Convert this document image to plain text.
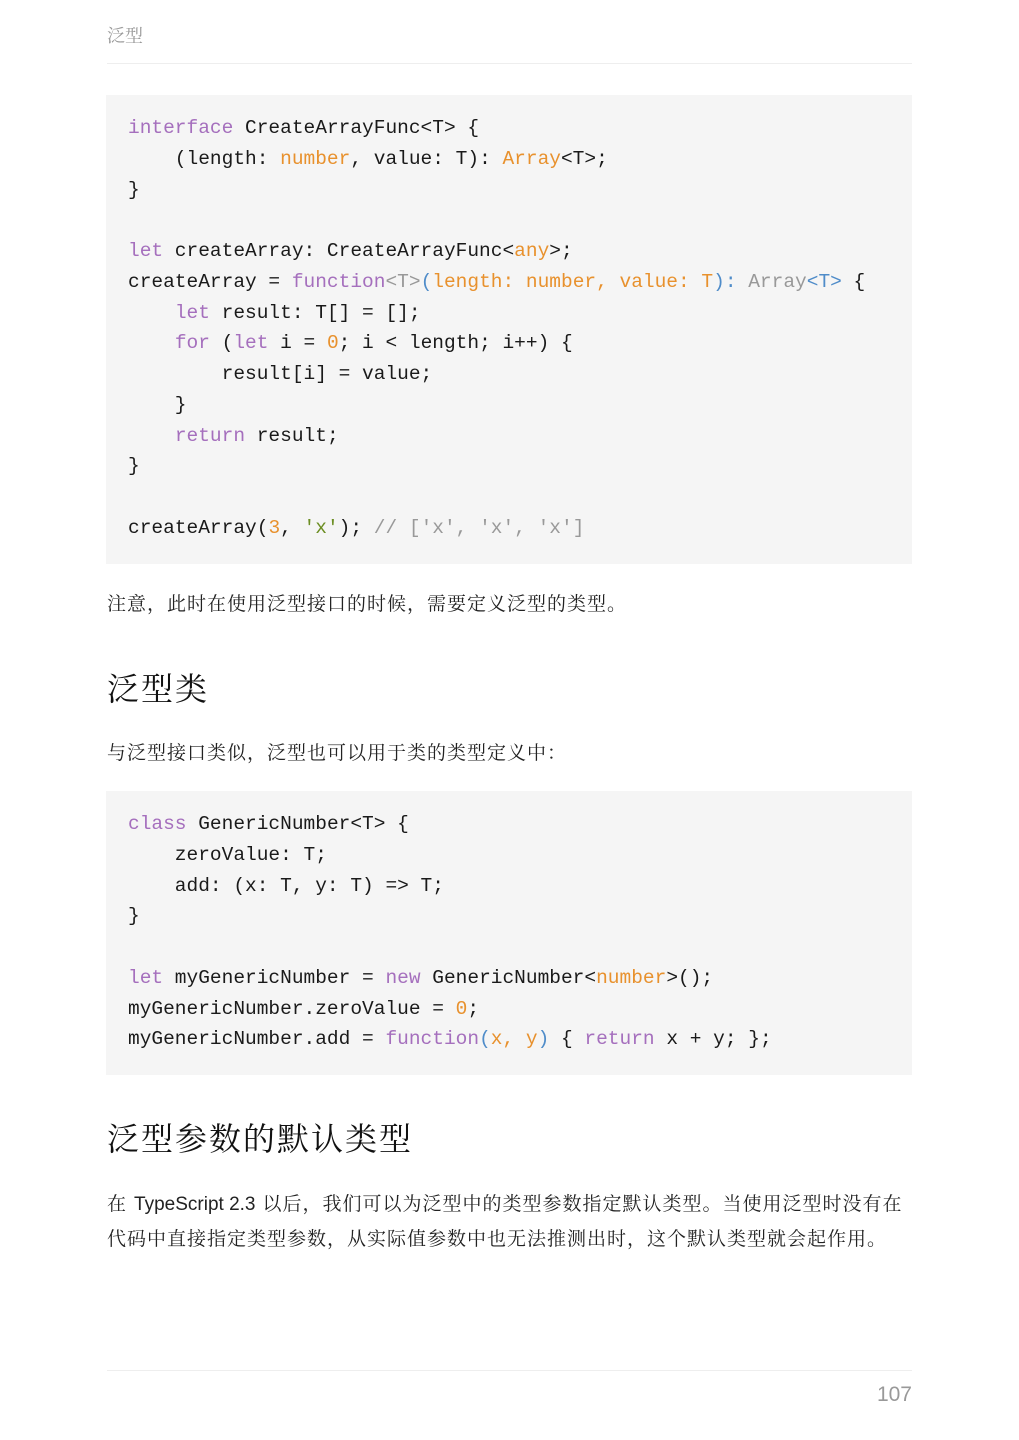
泛型
interface CreateArrayFunc<T> {
(length: number, value: T): Array<T>;
}

let createArray: CreateArrayFunc<any>;
createArray = function<T>(length: number, value: T): Array<T> {
let result: T[] = [];
for (let i = 0; i < length; i++) {
result[i] = value;
}
return result;
}

createArray(3, 'x'); // ['x', 'x', 'x']

注意，此时在使用泛型接口的时候，需要定义泛型的类型。

泛型类

与泛型接口类似，泛型也可以用于类的类型定义中：

class GenericNumber<T> {
zeroValue: T;
add: (x: T, y: T) => T;
}

let myGenericNumber = new GenericNumber<number>();
myGenericNumber.zeroValue = 0;
myGenericNumber.add = function(x, y) { return x + y; };
泛型参数的默认类型

在 TypeScript 2.3 以后，我们可以为泛型中的类型参数指定默认类型。当使用泛型时没有在代码中直接指定类型参数，从实际值参数中也无法推测出时，这个默认类型就会起作用。

107
